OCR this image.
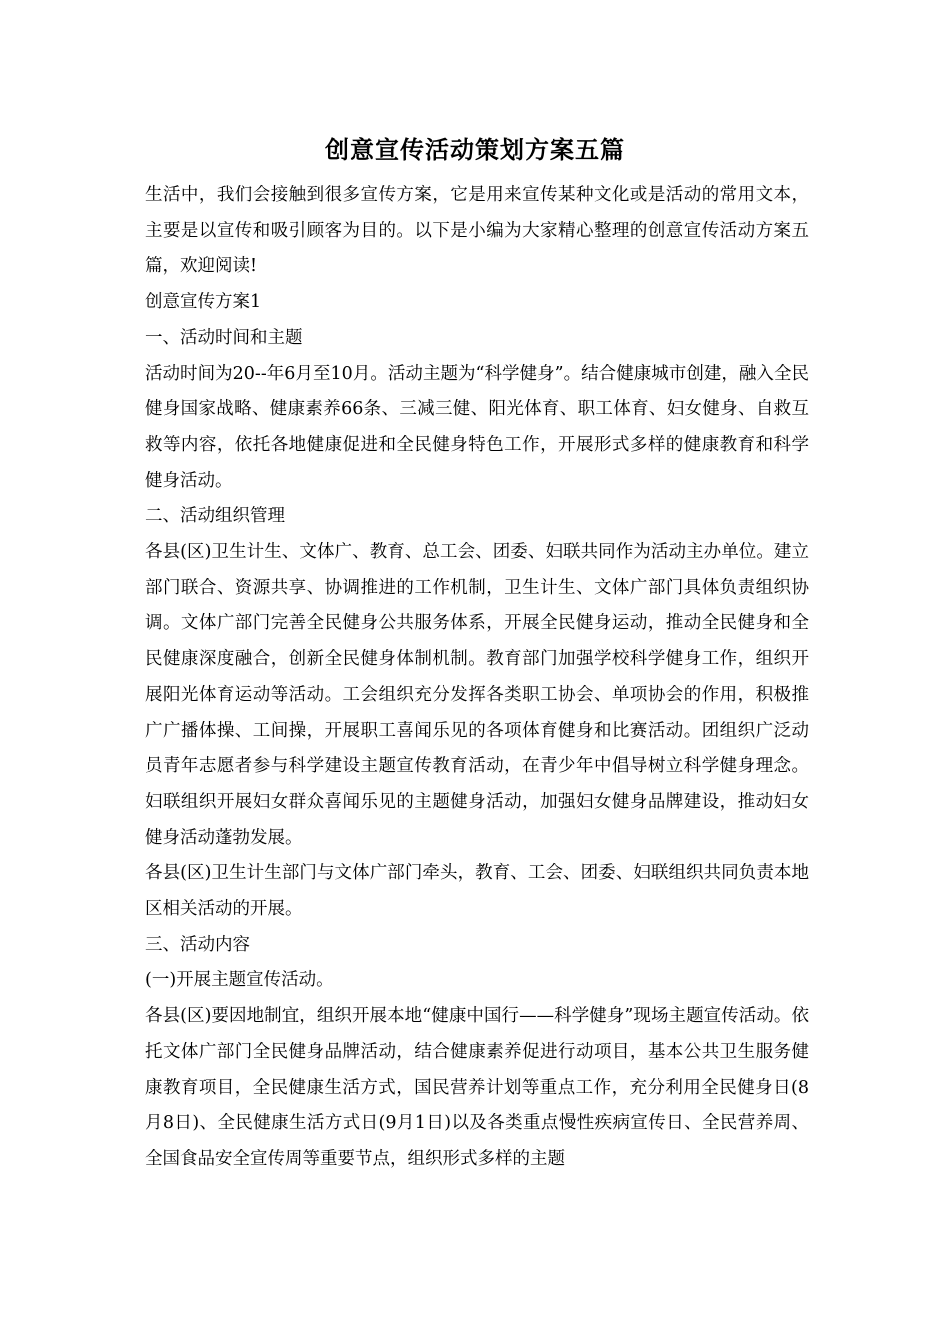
创意宣传活动策划方案五篇

生活中，我们会接触到很多宣传方案，它是用来宣传某种文化或是活动的常用文本，主要是以宣传和吸引顾客为目的。以下是小编为大家精心整理的创意宣传活动方案五篇，欢迎阅读!

创意宣传方案1

一、活动时间和主题

活动时间为20--年6月至10月。活动主题为“科学健身”。结合健康城市创建，融入全民健身国家战略、健康素养66条、三减三健、阳光体育、职工体育、妇女健身、自救互救等内容，依托各地健康促进和全民健身特色工作，开展形式多样的健康教育和科学健身活动。

二、活动组织管理

各县(区)卫生计生、文体广、教育、总工会、团委、妇联共同作为活动主办单位。建立部门联合、资源共享、协调推进的工作机制，卫生计生、文体广部门具体负责组织协调。文体广部门完善全民健身公共服务体系，开展全民健身运动，推动全民健身和全民健康深度融合，创新全民健身体制机制。教育部门加强学校科学健身工作，组织开展阳光体育运动等活动。工会组织充分发挥各类职工协会、单项协会的作用，积极推广广播体操、工间操，开展职工喜闻乐见的各项体育健身和比赛活动。团组织广泛动员青年志愿者参与科学建设主题宣传教育活动，在青少年中倡导树立科学健身理念。妇联组织开展妇女群众喜闻乐见的主题健身活动，加强妇女健身品牌建设，推动妇女健身活动蓬勃发展。

各县(区)卫生计生部门与文体广部门牵头，教育、工会、团委、妇联组织共同负责本地区相关活动的开展。

三、活动内容

(一)开展主题宣传活动。

各县(区)要因地制宜，组织开展本地“健康中国行——科学健身”现场主题宣传活动。依托文体广部门全民健身品牌活动，结合健康素养促进行动项目，基本公共卫生服务健康教育项目，全民健康生活方式，国民营养计划等重点工作，充分利用全民健身日(8月8日)、全民健康生活方式日(9月1日)以及各类重点慢性疾病宣传日、全民营养周、全国食品安全宣传周等重要节点，组织形式多样的主题
